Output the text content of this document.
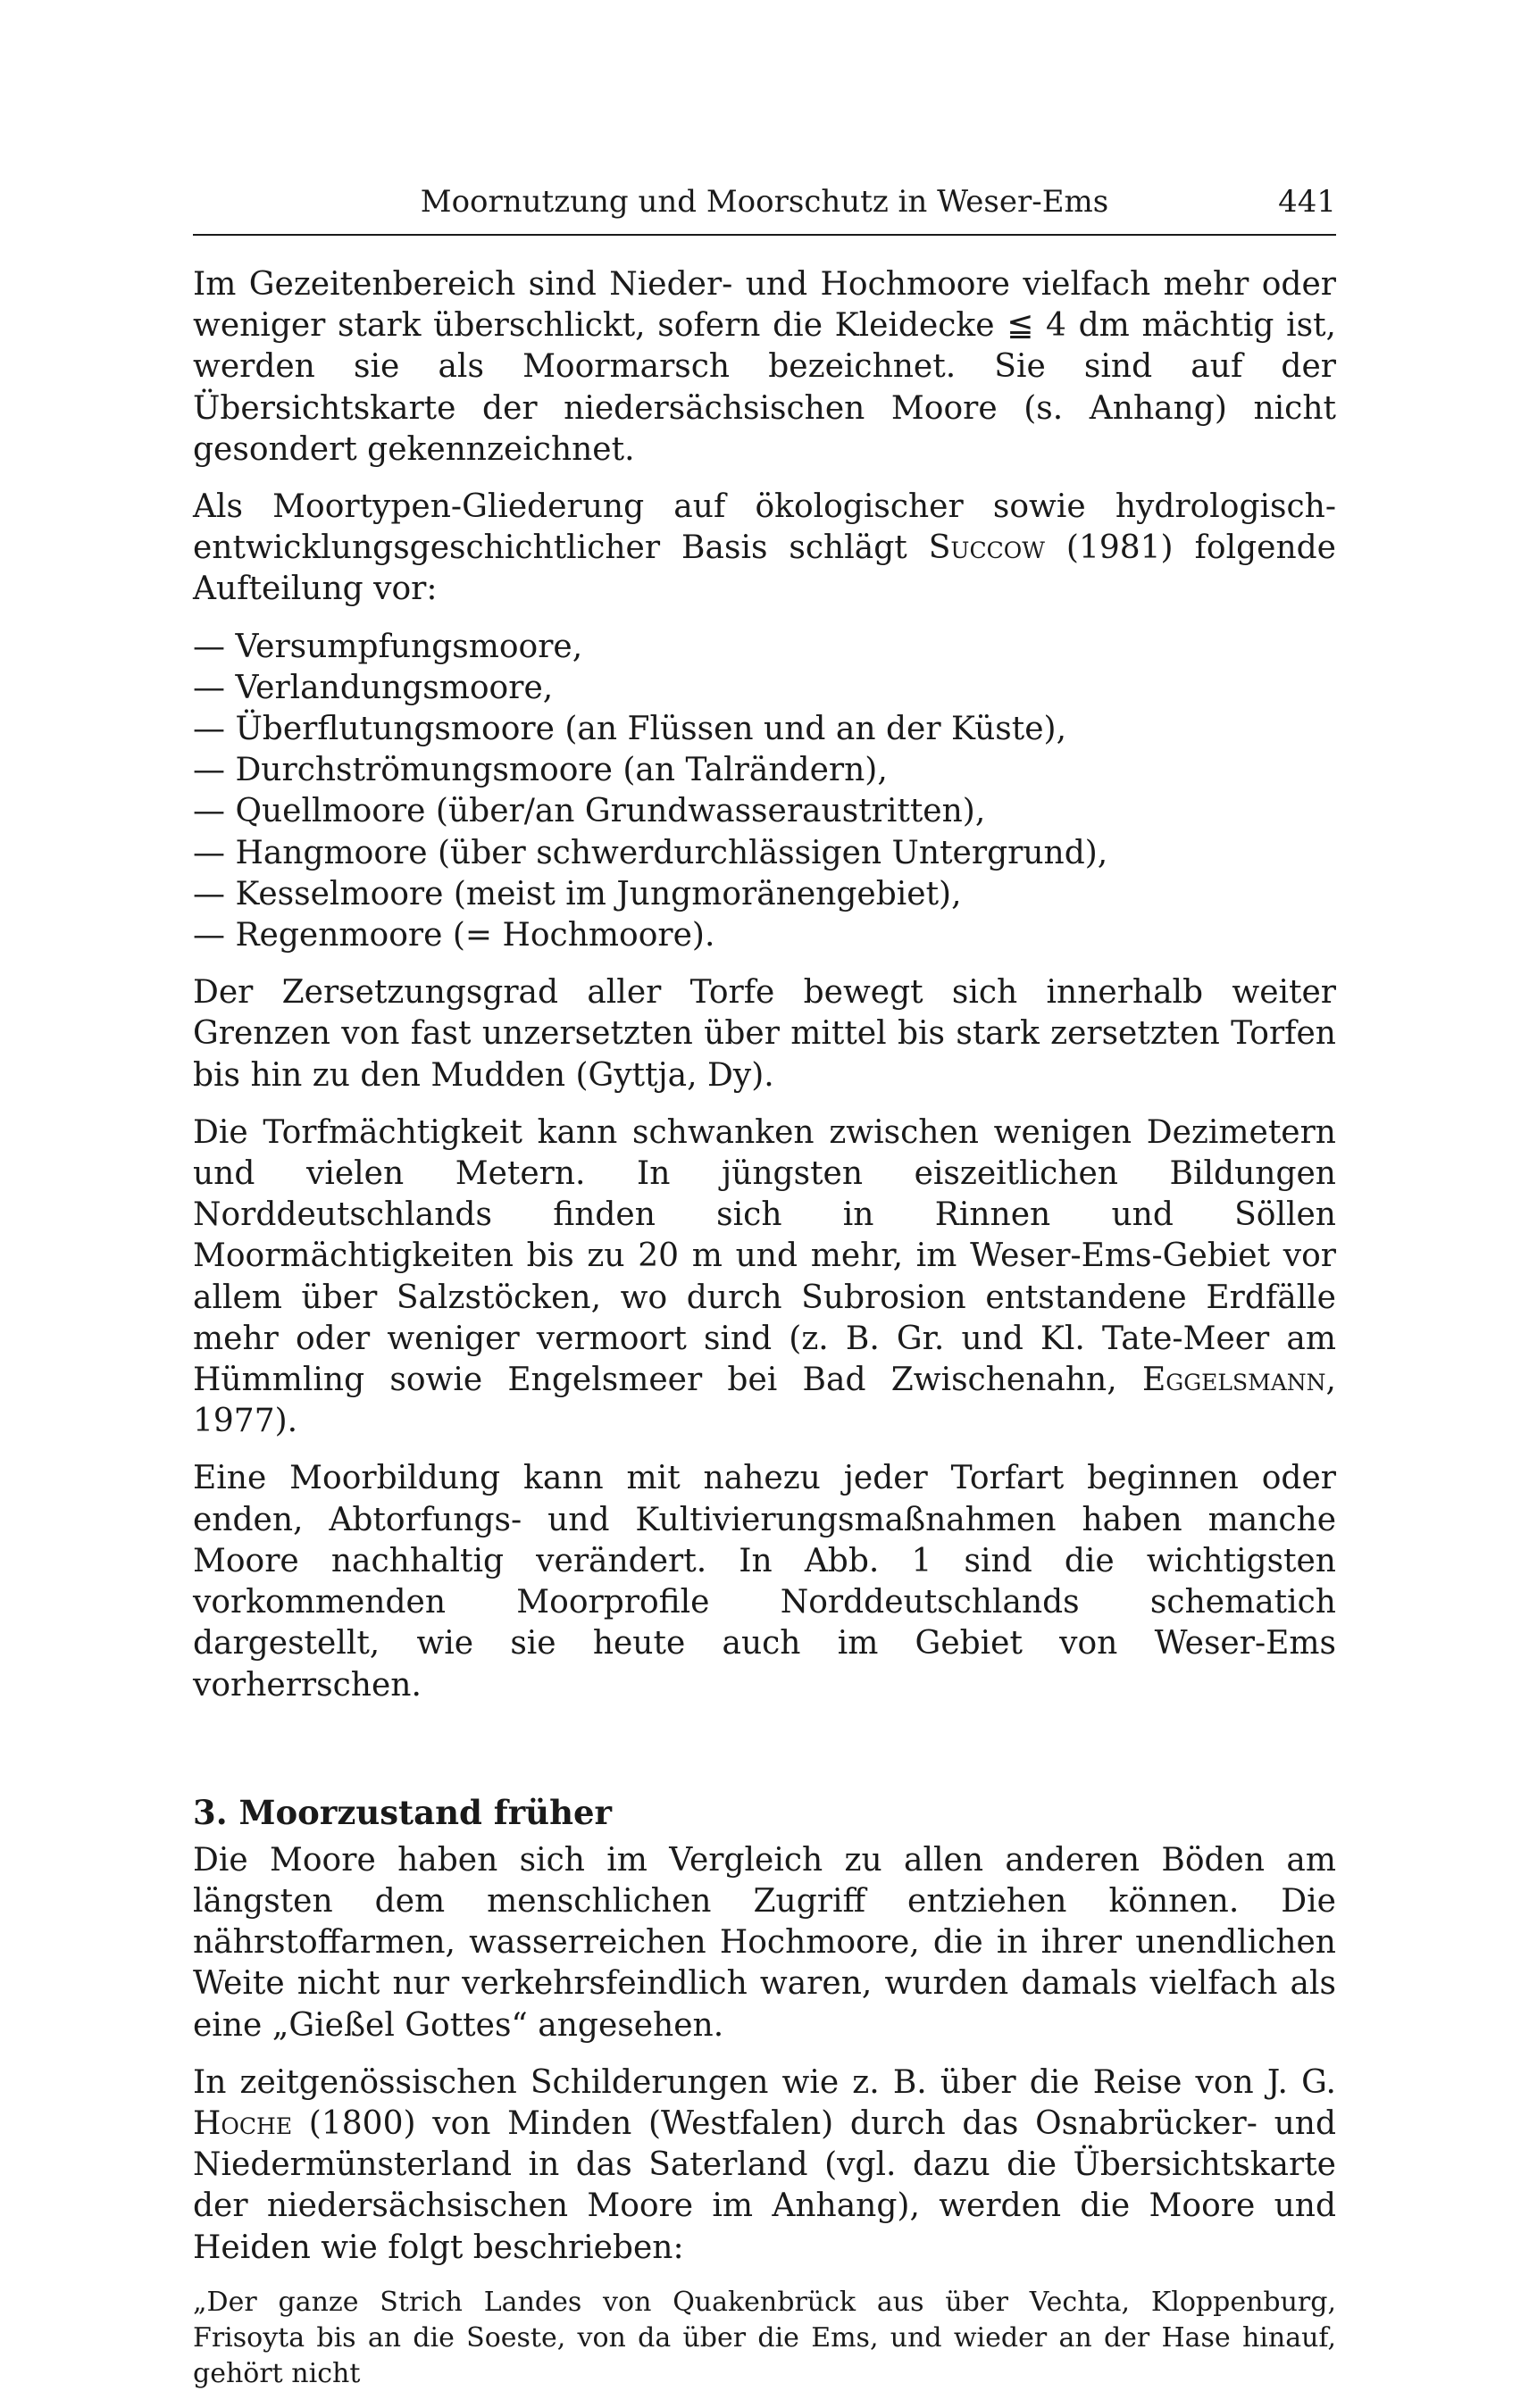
Moornutzung und Moorschutz in Weser-Ems	441

Im Gezeitenbereich sind Nieder- und Hochmoore vielfach mehr oder weniger stark überschlickt, sofern die Kleidecke ≦ 4 dm mächtig ist, werden sie als Moormarsch bezeichnet. Sie sind auf der Übersichtskarte der niedersächsischen Moore (s. Anhang) nicht gesondert gekennzeichnet.

Als Moortypen-Gliederung auf ökologischer sowie hydrologisch-entwicklungsgeschichtlicher Basis schlägt Succow (1981) folgende Aufteilung vor:

— Versumpfungsmoore,
— Verlandungsmoore,
— Überflutungsmoore (an Flüssen und an der Küste),
— Durchströmungsmoore (an Talrändern),
— Quellmoore (über/an Grundwasseraustritten),
— Hangmoore (über schwerdurchlässigen Untergrund),
— Kesselmoore (meist im Jungmoränengebiet),
— Regenmoore (= Hochmoore).

Der Zersetzungsgrad aller Torfe bewegt sich innerhalb weiter Grenzen von fast unzersetzten über mittel bis stark zersetzten Torfen bis hin zu den Mudden (Gyttja, Dy).

Die Torfmächtigkeit kann schwanken zwischen wenigen Dezimetern und vielen Metern. In jüngsten eiszeitlichen Bildungen Norddeutschlands finden sich in Rinnen und Söllen Moormächtigkeiten bis zu 20 m und mehr, im Weser-Ems-Gebiet vor allem über Salzstöcken, wo durch Subrosion entstandene Erdfälle mehr oder weniger vermoort sind (z. B. Gr. und Kl. Tate-Meer am Hümmling sowie Engelsmeer bei Bad Zwischenahn, Eggelsmann, 1977).

Eine Moorbildung kann mit nahezu jeder Torfart beginnen oder enden, Abtorfungs- und Kultivierungsmaßnahmen haben manche Moore nachhaltig verändert. In Abb. 1 sind die wichtigsten vorkommenden Moorprofile Norddeutschlands schematich dargestellt, wie sie heute auch im Gebiet von Weser-Ems vorherrschen.

3. Moorzustand früher

Die Moore haben sich im Vergleich zu allen anderen Böden am längsten dem menschlichen Zugriff entziehen können. Die nährstoffarmen, wasserreichen Hochmoore, die in ihrer unendlichen Weite nicht nur verkehrsfeindlich waren, wurden damals vielfach als eine „Gießel Gottes“ angesehen.

In zeitgenössischen Schilderungen wie z. B. über die Reise von J. G. Hoche (1800) von Minden (Westfalen) durch das Osnabrücker- und Niedermünsterland in das Saterland (vgl. dazu die Übersichtskarte der niedersächsischen Moore im Anhang), werden die Moore und Heiden wie folgt beschrieben:

„Der ganze Strich Landes von Quakenbrück aus über Vechta, Kloppenburg, Frisoyta bis an die Soeste, von da über die Ems, und wieder an der Hase hinauf, gehört nicht
